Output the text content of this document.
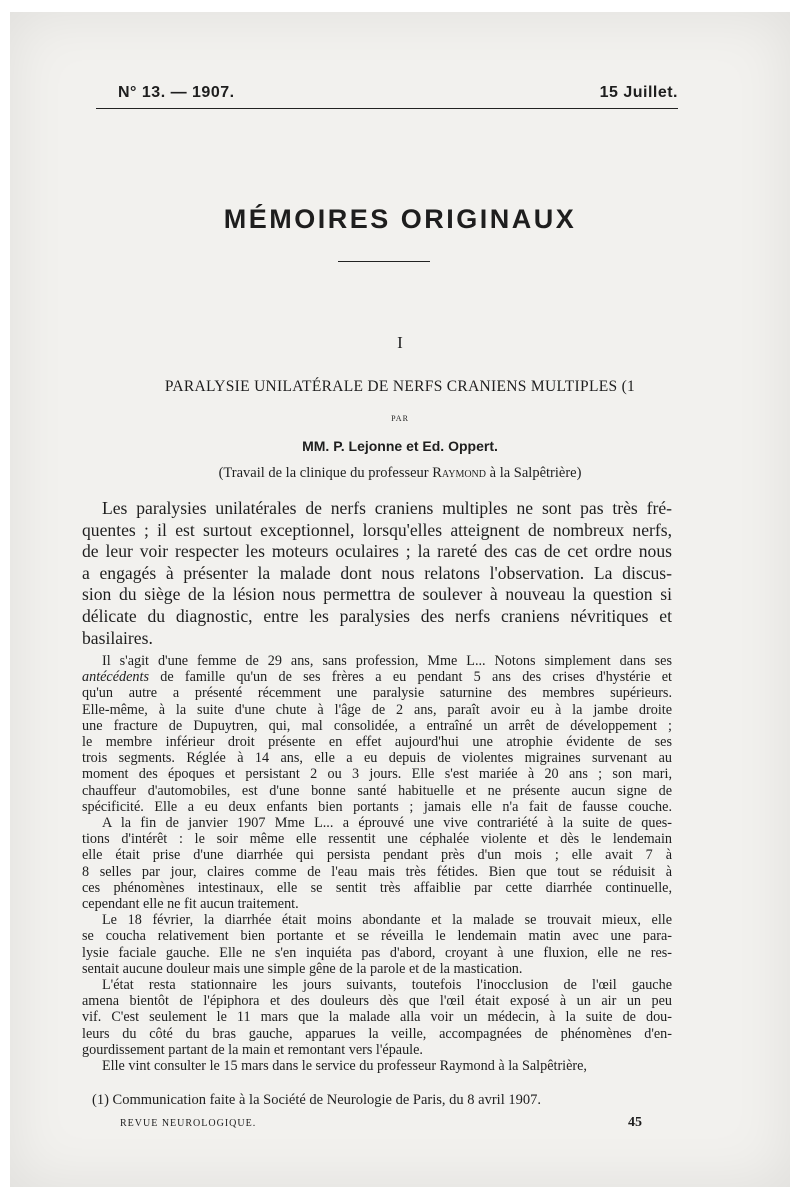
N° 13. — 1907.	15 Juillet.
MÉMOIRES ORIGINAUX
I
PARALYSIE UNILATÉRALE DE NERFS CRANIENS MULTIPLES (1
PAR
MM. P. Lejonne et Ed. Oppert.
(Travail de la clinique du professeur Raymond à la Salpêtrière)
Les paralysies unilatérales de nerfs craniens multiples ne sont pas très fré-
quentes ; il est surtout exceptionnel, lorsqu'elles atteignent de nombreux nerfs,
de leur voir respecter les moteurs oculaires ; la rareté des cas de cet ordre nous
a engagés à présenter la malade dont nous relatons l'observation. La discus-
sion du siège de la lésion nous permettra de soulever à nouveau la question si
délicate du diagnostic, entre les paralysies des nerfs craniens névritiques et
basilaires.
Il s'agit d'une femme de 29 ans, sans profession, Mme L... Notons simplement dans ses
antécédents de famille qu'un de ses frères a eu pendant 5 ans des crises d'hystérie et
qu'un autre a présenté récemment une paralysie saturnine des membres supérieurs.
Elle-même, à la suite d'une chute à l'âge de 2 ans, paraît avoir eu à la jambe droite
une fracture de Dupuytren, qui, mal consolidée, a entraîné un arrêt de développement ;
le membre inférieur droit présente en effet aujourd'hui une atrophie évidente de ses
trois segments. Réglée à 14 ans, elle a eu depuis de violentes migraines survenant au
moment des époques et persistant 2 ou 3 jours. Elle s'est mariée à 20 ans ; son mari,
chauffeur d'automobiles, est d'une bonne santé habituelle et ne présente aucun signe de
spécificité. Elle a eu deux enfants bien portants ; jamais elle n'a fait de fausse couche.
A la fin de janvier 1907 Mme L... a éprouvé une vive contrariété à la suite de ques-
tions d'intérêt : le soir même elle ressentit une céphalée violente et dès le lendemain
elle était prise d'une diarrhée qui persista pendant près d'un mois ; elle avait 7 à
8 selles par jour, claires comme de l'eau mais très fétides. Bien que tout se réduisit à
ces phénomènes intestinaux, elle se sentit très affaiblie par cette diarrhée continuelle,
cependant elle ne fit aucun traitement.
Le 18 février, la diarrhée était moins abondante et la malade se trouvait mieux, elle
se coucha relativement bien portante et se réveilla le lendemain matin avec une para-
lysie faciale gauche. Elle ne s'en inquiéta pas d'abord, croyant à une fluxion, elle ne res-
sentait aucune douleur mais une simple gêne de la parole et de la mastication.
L'état resta stationnaire les jours suivants, toutefois l'inocclusion de l'œil gauche
amena bientôt de l'épiphora et des douleurs dès que l'œil était exposé à un air un peu
vif. C'est seulement le 11 mars que la malade alla voir un médecin, à la suite de dou-
leurs du côté du bras gauche, apparues la veille, accompagnées de phénomènes d'en-
gourdissement partant de la main et remontant vers l'épaule.
Elle vint consulter le 15 mars dans le service du professeur Raymond à la Salpêtrière,
(1) Communication faite à la Société de Neurologie de Paris, du 8 avril 1907.
REVUE NEUROLOGIQUE.	45
